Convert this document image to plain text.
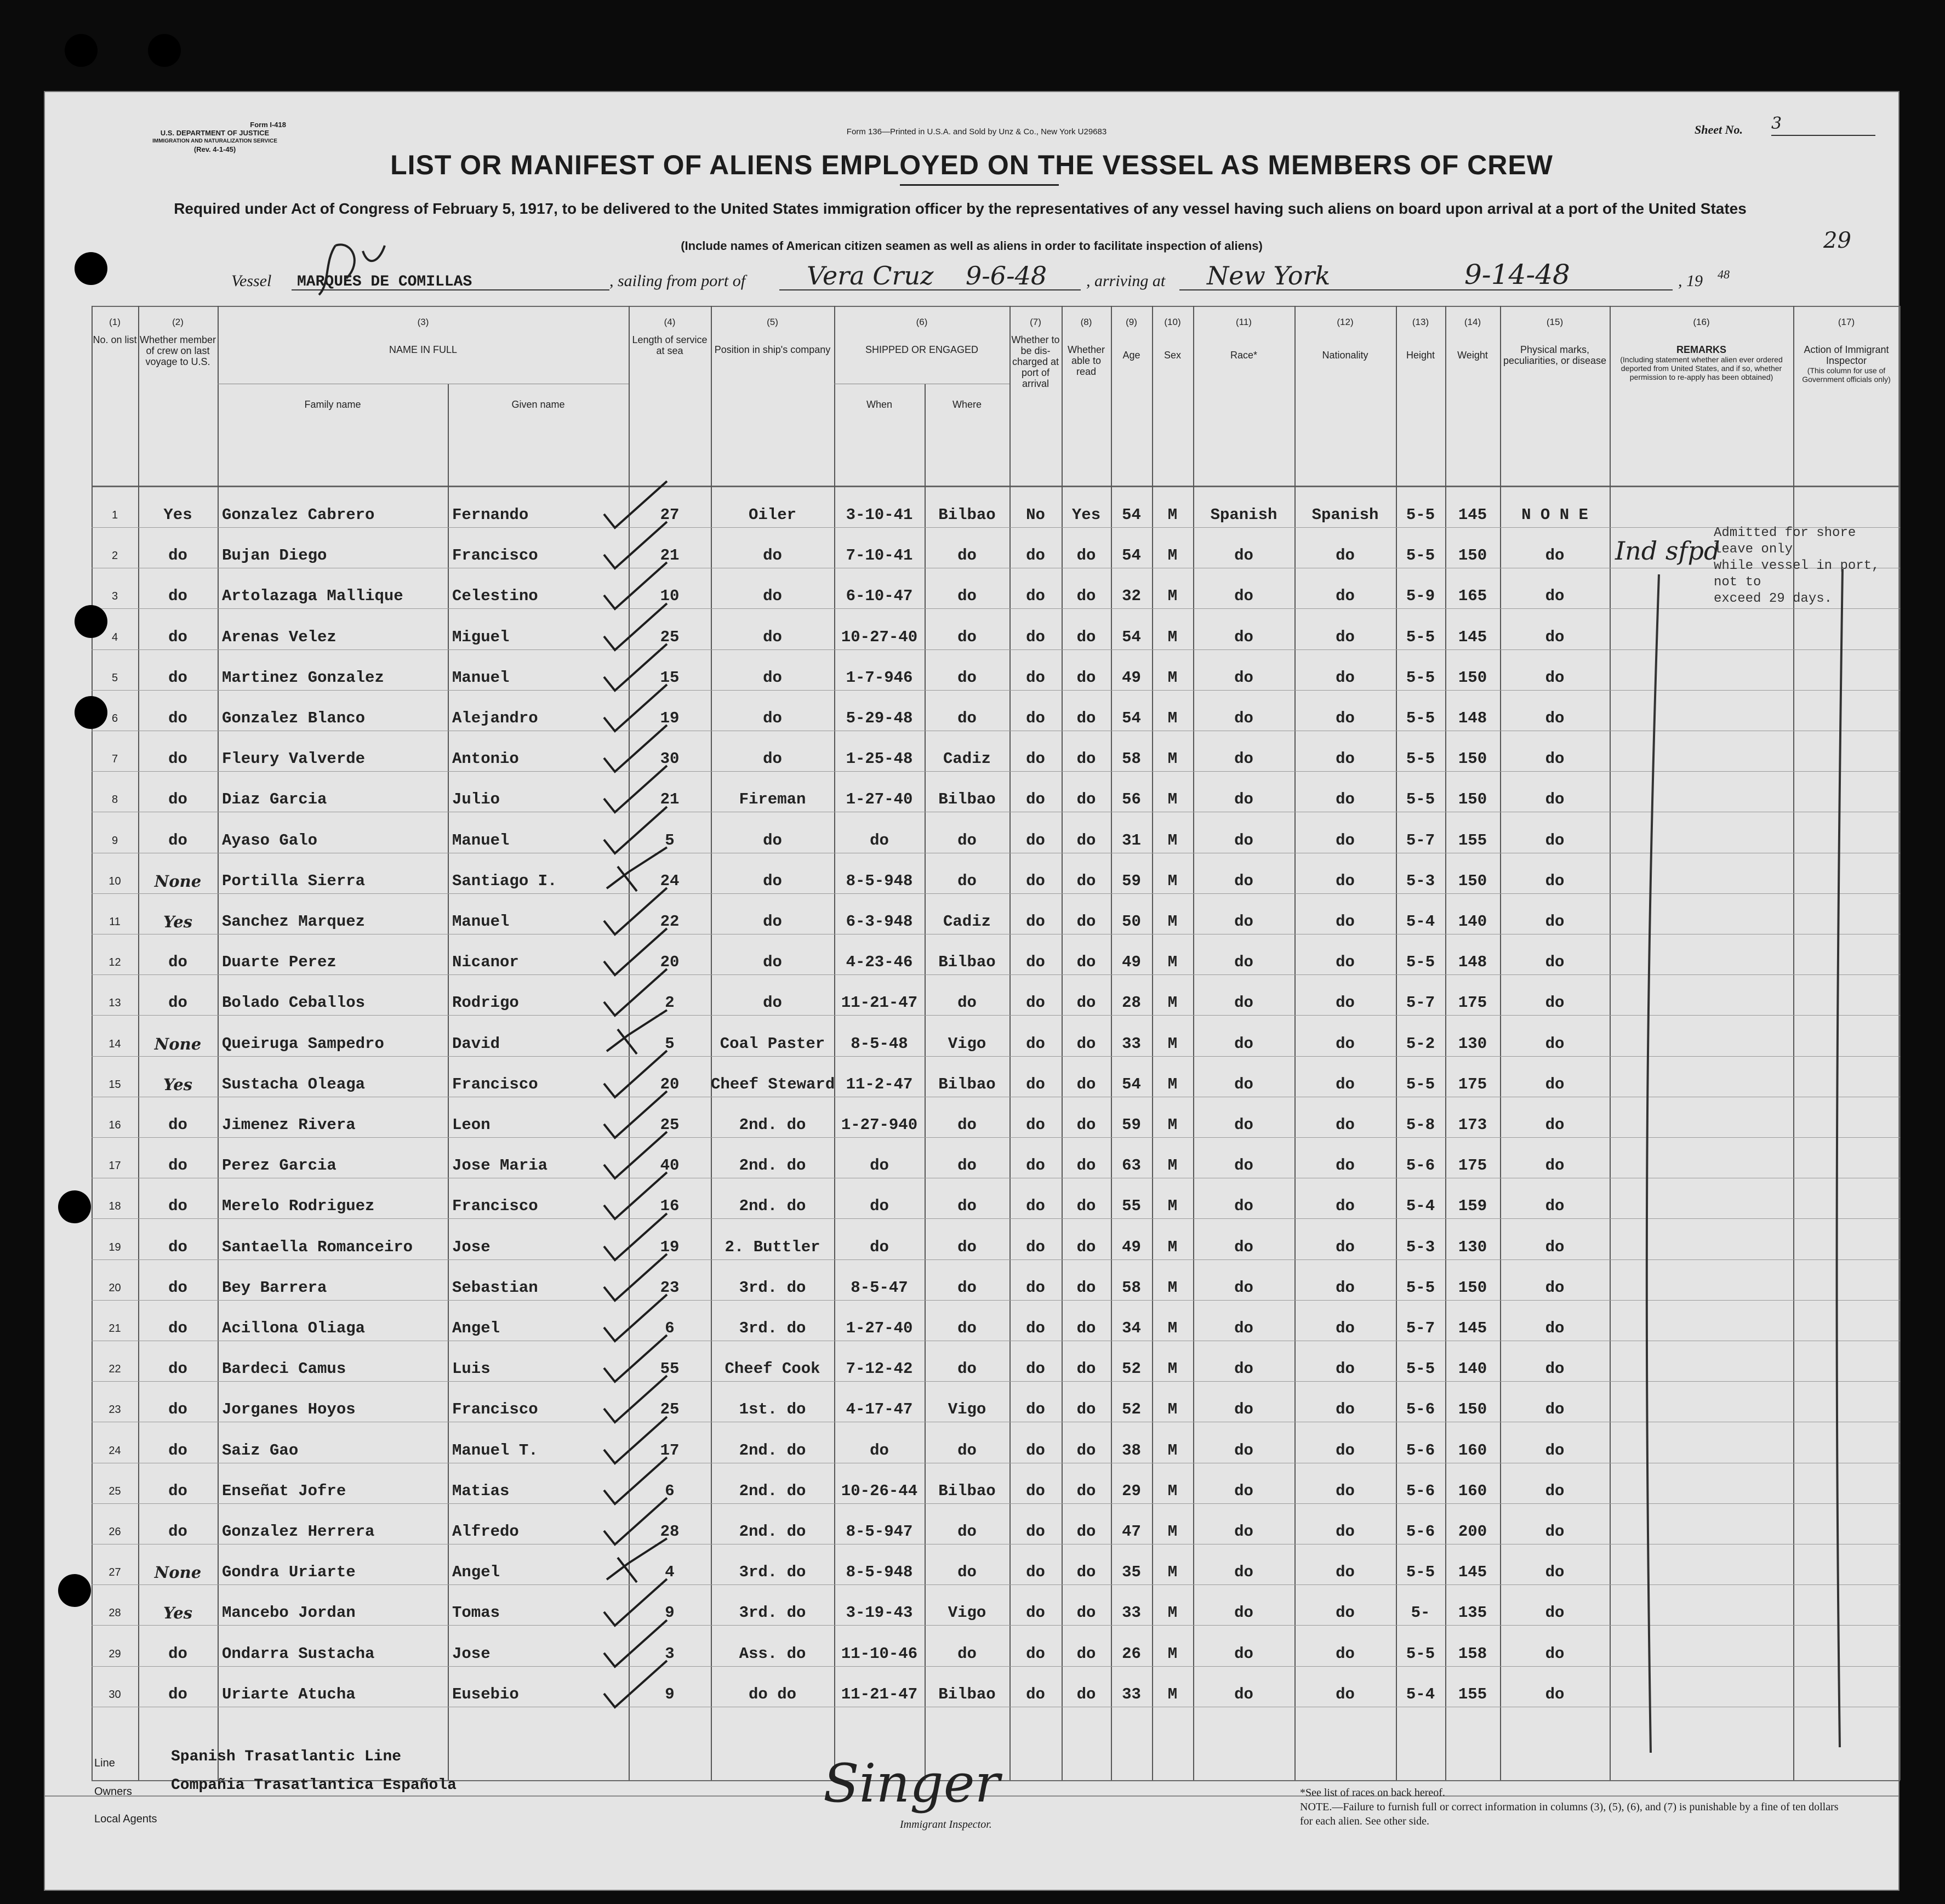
Form I-418
U.S. DEPARTMENT OF JUSTICE
IMMIGRATION AND NATURALIZATION SERVICE
(Rev. 4-1-45)
Form 136—Printed in U.S.A. and Sold by Unz & Co., New York U29683	Sheet No. 3
29
LIST OR MANIFEST OF ALIENS EMPLOYED ON THE VESSEL AS MEMBERS OF CREW
Required under Act of Congress of February 5, 1917, to be delivered to the United States immigration officer by the representatives of any vessel having such aliens on board upon arrival at a port of the United States
(Include names of American citizen seamen as well as aliens in order to facilitate inspection of aliens)
Vessel MARQUES DE COMILLAS	, sailing from port of Vera Cruz 9-6-48 , arriving at New York	9-14-48	, 19 48
(1)
No. on list
(2)
Whether member of crew on last voyage to U.S.
(3)
NAME IN FULL
Family name	Given name
(4)
Length of service at sea
(5)
Position in ship's company
(6)
SHIPPED OR ENGAGED
When	Where
(7)
Whether to be dis-charged at port of arrival
(8)
Whether able to read
(9)
Age
(10)
Sex
(11)
Race*
(12)
Nationality
(13)
Height
(14)
Weight
(15)
Physical marks, peculiarities, or disease
(16)
REMARKS
(Including statement whether alien ever ordered deported from United States, and if so, whether permission to re-apply has been obtained)
(17)
Action of Immigrant Inspector
(This column for use of Government officials only)
1	Yes	Gonzalez Cabrero	Fernando	27	Oiler	3-10-41	Bilbao	No	Yes	54	M	Spanish	Spanish	5-5	145	N O N E
2	do	Bujan Diego	Francisco	21	do	7-10-41	do	do	do	54	M	do	do	5-5	150	do
3	do	Artolazaga Mallique	Celestino	10	do	6-10-47	do	do	do	32	M	do	do	5-9	165	do
4	do	Arenas Velez	Miguel	25	do	10-27-40	do	do	do	54	M	do	do	5-5	145	do
5	do	Martinez Gonzalez	Manuel	15	do	1-7-946	do	do	do	49	M	do	do	5-5	150	do
6	do	Gonzalez Blanco	Alejandro	19	do	5-29-48	do	do	do	54	M	do	do	5-5	148	do
7	do	Fleury Valverde	Antonio	30	do	1-25-48	Cadiz	do	do	58	M	do	do	5-5	150	do
8	do	Diaz Garcia	Julio	21	Fireman	1-27-40	Bilbao	do	do	56	M	do	do	5-5	150	do
9	do	Ayaso Galo	Manuel	5	do	do	do	do	do	31	M	do	do	5-7	155	do
10	None	Portilla Sierra	Santiago I.	24	do	8-5-948	do	do	do	59	M	do	do	5-3	150	do
11	Yes	Sanchez Marquez	Manuel	22	do	6-3-948	Cadiz	do	do	50	M	do	do	5-4	140	do
12	do	Duarte Perez	Nicanor	20	do	4-23-46	Bilbao	do	do	49	M	do	do	5-5	148	do
13	do	Bolado Ceballos	Rodrigo	2	do	11-21-47	do	do	do	28	M	do	do	5-7	175	do
14	None	Queiruga Sampedro	David	5	Coal Paster	8-5-48	Vigo	do	do	33	M	do	do	5-2	130	do
15	Yes	Sustacha Oleaga	Francisco	20	Cheef Steward 11-2-47	Bilbao	do	do	54	M	do	do	5-5	175	do
16	do	Jimenez Rivera	Leon	25	2nd. do	1-27-940	do	do	do	59	M	do	do	5-8	173	do
17	do	Perez Garcia	Jose Maria	40	2nd. do	do	do	do	do	63	M	do	do	5-6	175	do
18	do	Merelo Rodriguez	Francisco	16	2nd. do	do	do	do	do	55	M	do	do	5-4	159	do
19	do	Santaella Romanceiro	Jose	19	2. Buttler	do	do	do	do	49	M	do	do	5-3	130	do
20	do	Bey Barrera	Sebastian	23	3rd. do	8-5-47	do	do	do	58	M	do	do	5-5	150	do
21	do	Acillona Oliaga	Angel	6	3rd. do	1-27-40	do	do	do	34	M	do	do	5-7	145	do
22	do	Bardeci Camus	Luis	55	Cheef Cook	7-12-42	do	do	do	52	M	do	do	5-5	140	do
23	do	Jorganes Hoyos	Francisco	25	1st. do	4-17-47	Vigo	do	do	52	M	do	do	5-6	150	do
24	do	Saiz Gao	Manuel T.	17	2nd. do	do	do	do	do	38	M	do	do	5-6	160	do
25	do	Enseñat Jofre	Matias	6	2nd. do	10-26-44	Bilbao	do	do	29	M	do	do	5-6	160	do
26	do	Gonzalez Herrera	Alfredo	28	2nd. do	8-5-947	do	do	do	47	M	do	do	5-6	200	do
27	None	Gondra Uriarte	Angel	4	3rd. do	8-5-948	do	do	do	35	M	do	do	5-5	145	do
28	Yes	Mancebo Jordan	Tomas	9	3rd. do	3-19-43	Vigo	do	do	33	M	do	do	5-	135	do
29	do	Ondarra Sustacha	Jose	3	Ass. do	11-10-46	do	do	do	26	M	do	do	5-5	158	do
30	do	Uriarte Atucha	Eusebio	9	do do	11-21-47	Bilbao	do	do	33	M	do	do	5-4	155	do
Ind sfpd
Admitted for shore leave only
while vessel in port, not to
exceed 29 days.
Line	Spanish Trasatlantic Line
Owners	Compañia Trasatlantica Española
Local Agents
Singer
Immigrant Inspector.
*See list of races on back hereof.
NOTE.—Failure to furnish full or correct information in columns (3), (5), (6), and (7) is punishable by a fine of ten dollars for each alien. See other side.
